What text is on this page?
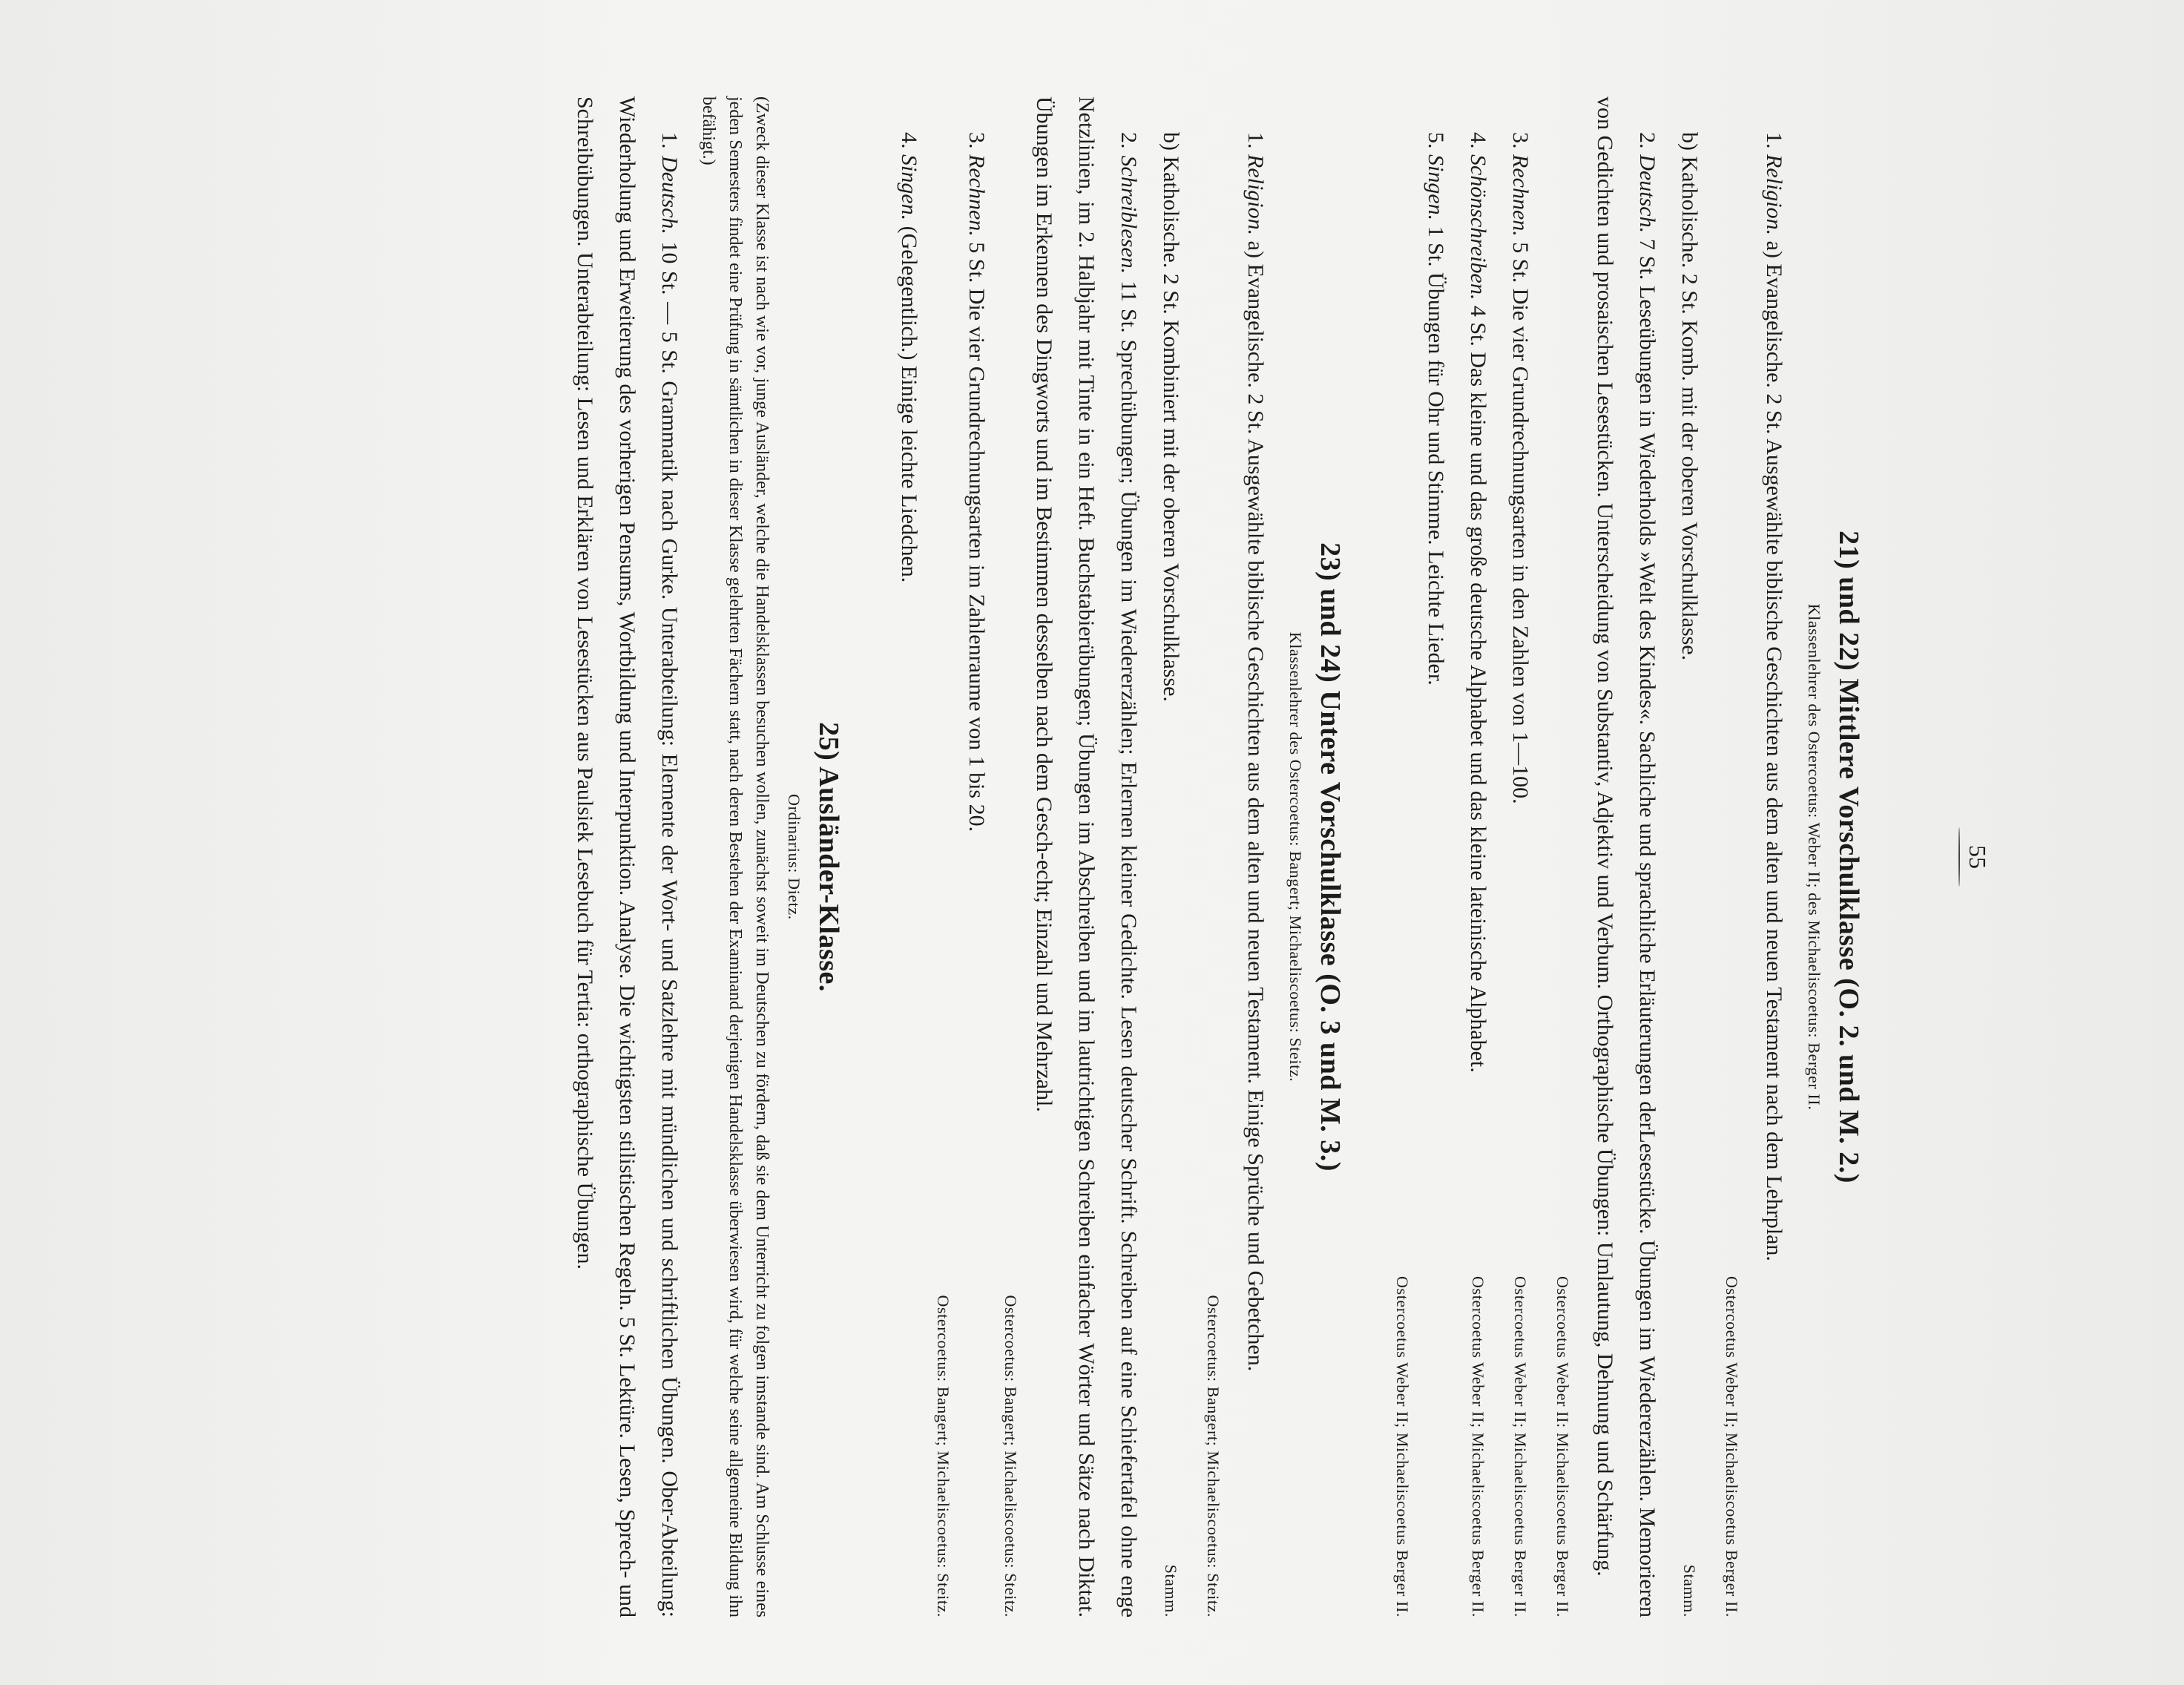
55
21) und 22) Mittlere Vorschulklasse (O. 2. und M. 2.)
Klassenlehrer des Ostercoetus: Weber II; des Michaeliscoetus: Berger II.

1. Religion. a) Evangelische. 2 St. Ausgewählte biblische Geschichten aus dem alten und neuen Testament nach dem Lehrplan.
Ostercoetus Weber II; Michaeliscoetus Berger II.

b) Katholische. 2 St. Komb. mit der oberen Vorschulklasse.
Stamm.

2. Deutsch. 7 St. Leseübungen in Wiederholds »Welt des Kindes«. Sachliche und sprachliche Erläuterungen derLesestücke. Übungen im Wiedererzählen. Memorieren von Gedichten und prosaischen Lesestücken. Unterscheidung von Substantiv, Adjektiv und Verbum. Orthographische Übungen: Umlautung, Dehnung und Schärfung.
Ostercoetus Weber II: Michaeliscoetus Berger II.

3. Rechnen. 5 St. Die vier Grundrechnungsarten in den Zahlen von 1—100.
Ostercoetus Weber II; Michaeliscoetus Berger II.

4. Schönschreiben. 4 St. Das kleine und das große deutsche Alphabet und das kleine lateinische Alphabet.
Ostercoetus Weber II; Michaeliscoetus Berger II.

5. Singen. 1 St. Übungen für Ohr und Stimme. Leichte Lieder.

Ostercoetus Weber II; Michaeliscoetus Berger II.
23) und 24) Untere Vorschulklasse (O. 3 und M. 3.)
Klassenlehrer des Ostercoetus: Bangert; Michaeliscoetus: Steitz.

1. Religion. a) Evangelische. 2 St. Ausgewählte biblische Geschichten aus dem alten und neuen Testament. Einige Sprüche und Gebetchen.
Ostercoetus: Bangert; Michaeliscoetus: Steitz.

b) Katholische. 2 St. Kombiniert mit der oberen Vorschulklasse.
Stamm.

2. Schreiblesen. 11 St. Sprechübungen; Übungen im Wiedererzählen; Erlernen kleiner Gedichte. Lesen deutscher Schrift. Schreiben auf eine Schiefertafel ohne enge Netzlinien, im 2. Halbjahr mit Tinte in ein Heft. Buchstabierübungen; Übungen im Abschreiben und im lautrichtigen Schreiben einfacher Wörter und Sätze nach Diktat. Übungen im Erkennen des Dingworts und im Bestimmen desselben nach dem Gesch-echt; Einzahl und Mehrzahl.

Ostercoetus: Bangert; Michaeliscoetus: Steitz.

3. Rechnen. 5 St. Die vier Grundrechnungsarten im Zahlenraume von 1 bis 20.

Ostercoetus: Bangert; Michaeliscoetus: Steitz.

4. Singen. (Gelegentlich.) Einige leichte Liedchen.

25) Ausländer-Klasse.
Ordinarius: Dietz.

(Zweck dieser Klasse ist nach wie vor, junge Ausländer, welche die Handelsklassen besuchen wollen, zunächst soweit im Deutschen zu fördern, daß sie dem Unterricht zu folgen imstande sind. Am Schlusse eines jeden Semesters findet eine Prüfung in sämtlichen in dieser Klasse gelehrten Fächern statt, nach deren Bestehen der Examinand derjenigen Handelsklasse überwiesen wird, für welche seine allgemeine Bildung ihn befähigt.)

1. Deutsch. 10 St. — 5 St. Grammatik nach Gurke. Unterabteilung: Elemente der Wort- und Satzlehre mit mündlichen und schriftlichen Übungen. Ober-Abteilung: Wiederholung und Erweiterung des vorherigen Pensums, Wortbildung und Interpunktion. Analyse. Die wichtigsten stilistischen Regeln. 5 St. Lektüre. Lesen, Sprech- und Schreibübungen. Unterabteilung: Lesen und Erklären von Lesestücken aus Paulsiek Lesebuch für Tertia: orthographische Übungen.
